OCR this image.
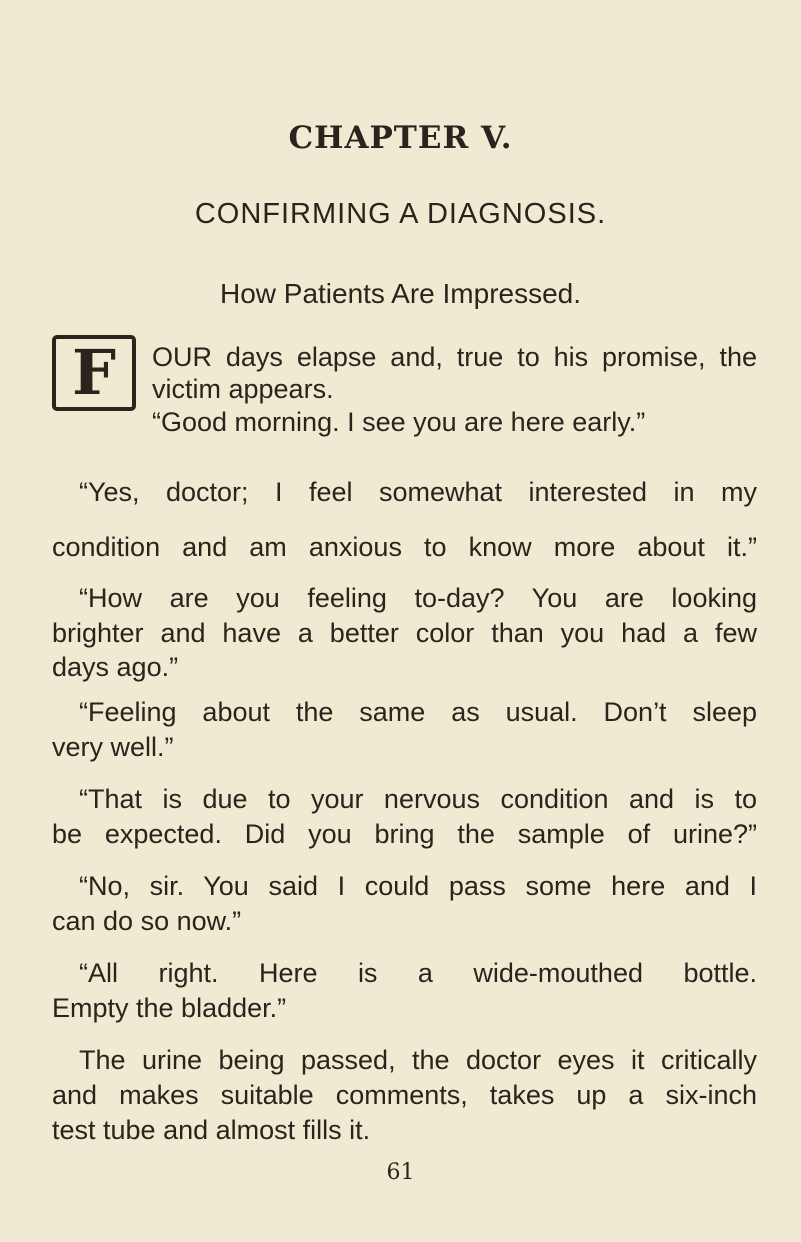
CHAPTER V.
CONFIRMING A DIAGNOSIS.
How Patients Are Impressed.
F OUR days elapse and, true to his promise, the
victim appears.
“Good morning. I see you are here early.”
“Yes, doctor; I feel somewhat interested in my
condition and am anxious to know more about it.”
“How are you feeling to-day? You are looking
brighter and have a better color than you had a few
days ago.”
“Feeling about the same as usual. Don’t sleep
very well.”
“That is due to your nervous condition and is to
be expected. Did you bring the sample of urine?”
“No, sir. You said I could pass some here and I
can do so now.”
“All right. Here is a wide-mouthed bottle.
Empty the bladder.”
The urine being passed, the doctor eyes it critically
and makes suitable comments, takes up a six-inch
test tube and almost fills it.
61
